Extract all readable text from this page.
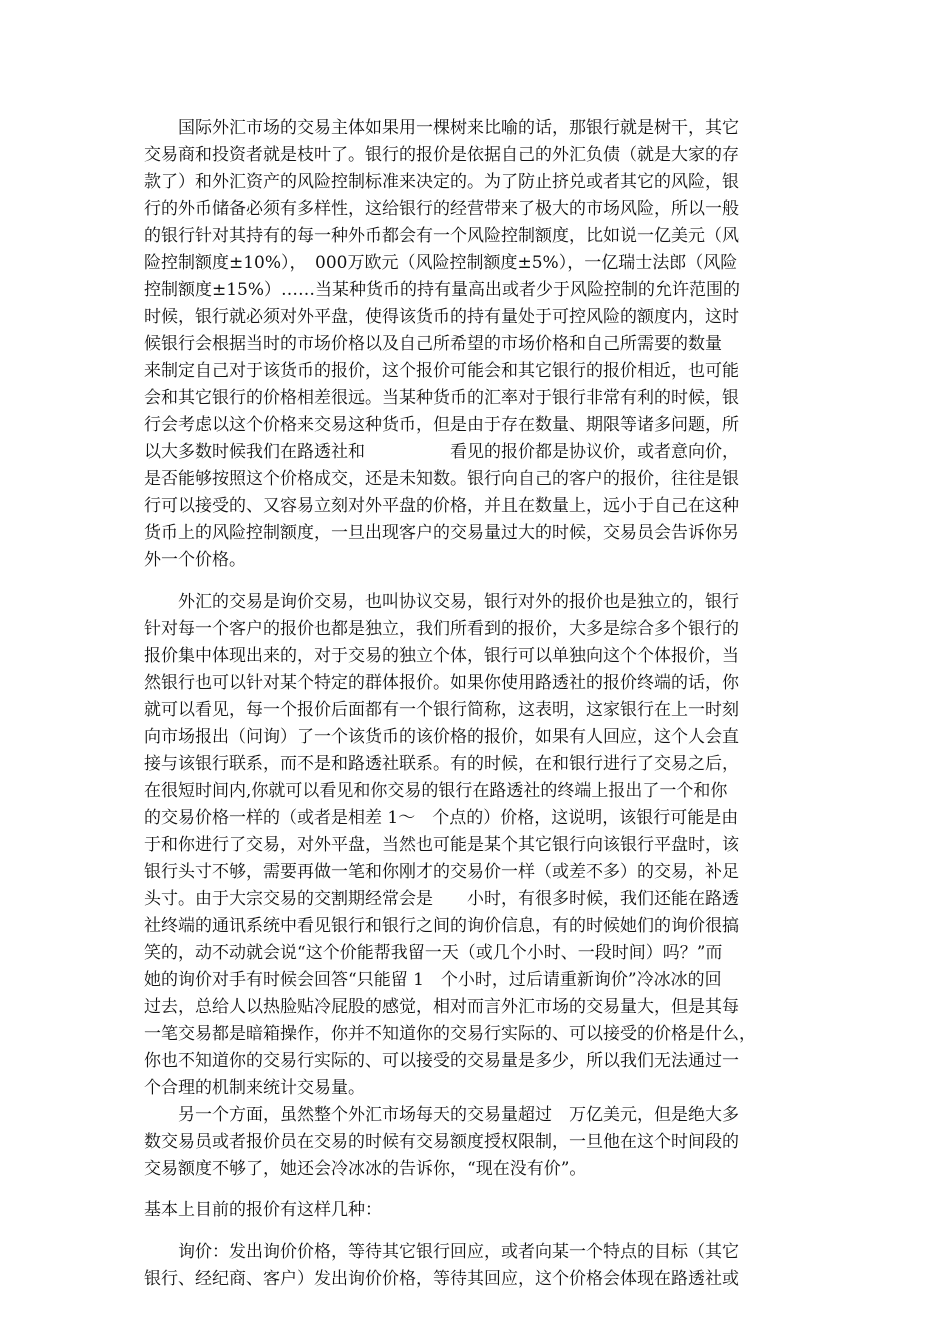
　　国际外汇市场的交易主体如果用一棵树来比喻的话，那银行就是树干，其它
交易商和投资者就是枝叶了。银行的报价是依据自己的外汇负债（就是大家的存
款了）和外汇资产的风险控制标准来决定的。为了防止挤兑或者其它的风险，银
行的外币储备必须有多样性，这给银行的经营带来了极大的市场风险，所以一般
的银行针对其持有的每一种外币都会有一个风险控制额度，比如说一亿美元（风
险控制额度±10%），　000万欧元（风险控制额度±5%），一亿瑞士法郎（风险
控制额度±15%）……当某种货币的持有量高出或者少于风险控制的允许范围的
时候，银行就必须对外平盘，使得该货币的持有量处于可控风险的额度内，这时
候银行会根据当时的市场价格以及自己所希望的市场价格和自己所需要的数量
来制定自己对于该货币的报价，这个报价可能会和其它银行的报价相近，也可能
会和其它银行的价格相差很远。当某种货币的汇率对于银行非常有利的时候，银
行会考虑以这个价格来交易这种货币，但是由于存在数量、期限等诸多问题，所
以大多数时候我们在路透社和　　　　　看见的报价都是协议价，或者意向价，
是否能够按照这个价格成交，还是未知数。银行向自己的客户的报价，往往是银
行可以接受的、又容易立刻对外平盘的价格，并且在数量上，远小于自己在这种
货币上的风险控制额度，一旦出现客户的交易量过大的时候，交易员会告诉你另
外一个价格。
　　外汇的交易是询价交易，也叫协议交易，银行对外的报价也是独立的，银行
针对每一个客户的报价也都是独立，我们所看到的报价，大多是综合多个银行的
报价集中体现出来的，对于交易的独立个体，银行可以单独向这个个体报价，当
然银行也可以针对某个特定的群体报价。如果你使用路透社的报价终端的话，你
就可以看见，每一个报价后面都有一个银行简称，这表明，这家银行在上一时刻
向市场报出（问询）了一个该货币的该价格的报价，如果有人回应，这个人会直
接与该银行联系，而不是和路透社联系。有的时候，在和银行进行了交易之后，
在很短时间内,你就可以看见和你交易的银行在路透社的终端上报出了一个和你
的交易价格一样的（或者是相差 1～　个点的）价格，这说明，该银行可能是由
于和你进行了交易，对外平盘，当然也可能是某个其它银行向该银行平盘时，该
银行头寸不够，需要再做一笔和你刚才的交易价一样（或差不多）的交易，补足
头寸。由于大宗交易的交割期经常会是　　小时，有很多时候，我们还能在路透
社终端的通讯系统中看见银行和银行之间的询价信息，有的时候她们的询价很搞
笑的，动不动就会说“这个价能帮我留一天（或几个小时、一段时间）吗？”而
她的询价对手有时候会回答“只能留 1　个小时，过后请重新询价”冷冰冰的回
过去，总给人以热脸贴冷屁股的感觉，相对而言外汇市场的交易量大，但是其每
一笔交易都是暗箱操作，你并不知道你的交易行实际的、可以接受的价格是什么，
你也不知道你的交易行实际的、可以接受的交易量是多少，所以我们无法通过一
个合理的机制来统计交易量。
　　另一个方面，虽然整个外汇市场每天的交易量超过　万亿美元，但是绝大多
数交易员或者报价员在交易的时候有交易额度授权限制，一旦他在这个时间段的
交易额度不够了，她还会冷冰冰的告诉你，“现在没有价”。
基本上目前的报价有这样几种：
　　询价：发出询价价格，等待其它银行回应，或者向某一个特点的目标（其它
银行、经纪商、客户）发出询价价格，等待其回应，这个价格会体现在路透社或
